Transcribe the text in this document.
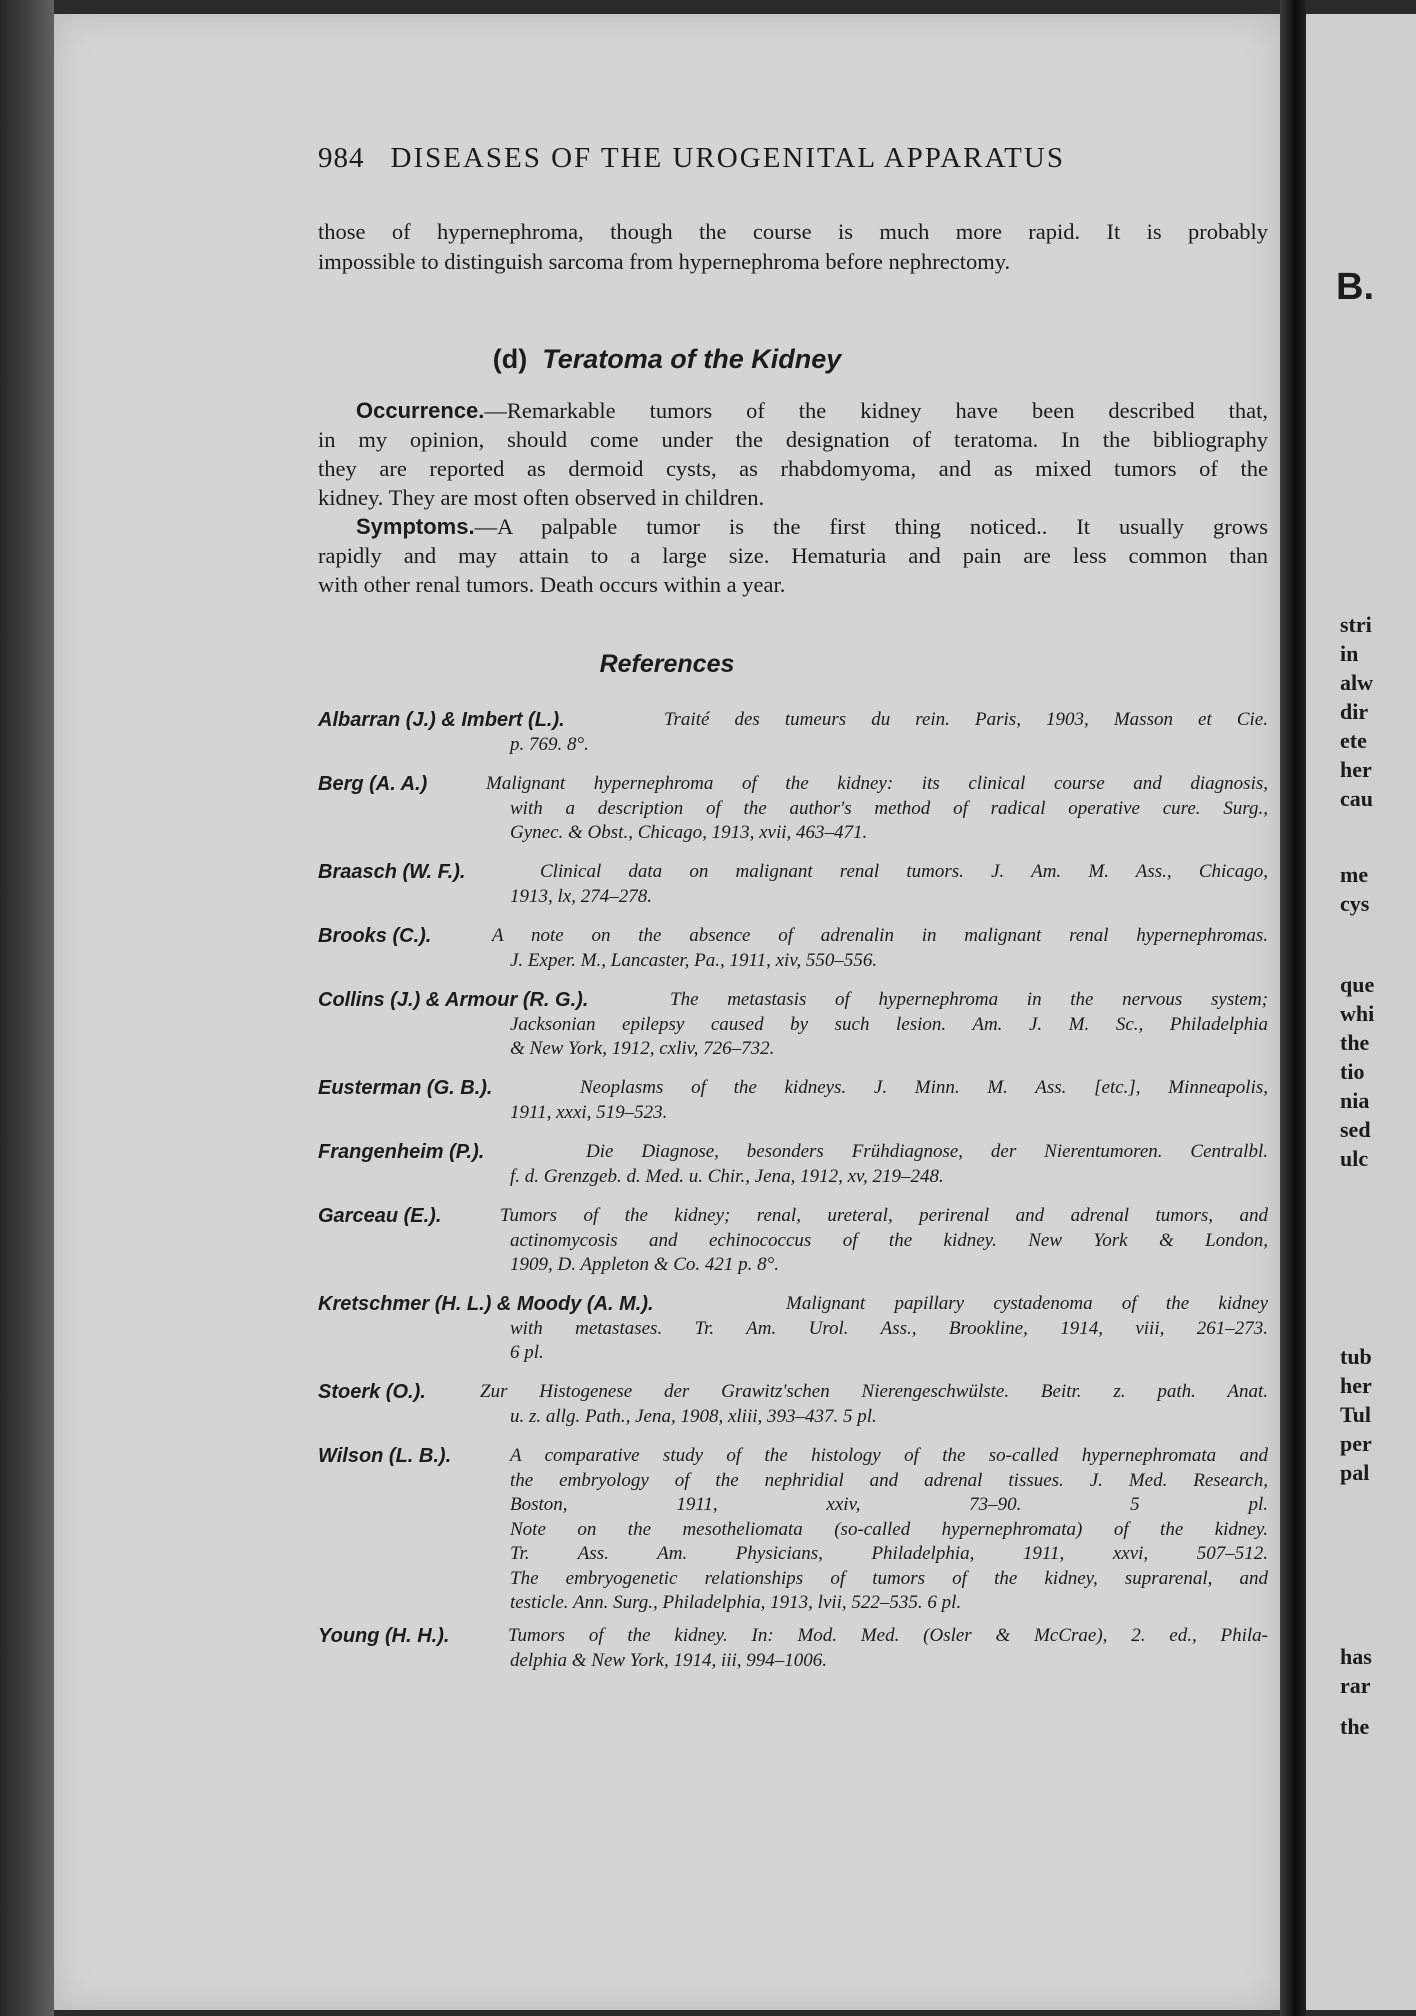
984 DISEASES OF THE UROGENITAL APPARATUS
those of hypernephroma, though the course is much more rapid. It is probably
impossible to distinguish sarcoma from hypernephroma before nephrectomy.
(d) Teratoma of the Kidney
Occurrence. —Remarkable tumors of the kidney have been described that,
in my opinion, should come under the designation of teratoma. In the bibliography
they are reported as dermoid cysts, as rhabdomyoma, and as mixed tumors of the
kidney. They are most often observed in children.
Symptoms. —A palpable tumor is the first thing noticed.. It usually grows
rapidly and may attain to a large size. Hematuria and pain are less common than
with other renal tumors. Death occurs within a year.
References
Albarran (J.) & Imbert (L.).	Traité des tumeurs du rein. Paris, 1903, Masson et Cie.
p. 769. 8°.
Berg (A. A.)	Malignant hypernephroma of the kidney: its clinical course and diagnosis,
with a description of the author's method of radical operative cure. Surg.,
Gynec. & Obst., Chicago, 1913, xvii, 463–471.
Braasch (W. F.).	Clinical data on malignant renal tumors. J. Am. M. Ass., Chicago,
1913, lx, 274–278.
Brooks (C.).	A note on the absence of adrenalin in malignant renal hypernephromas.
J. Exper. M., Lancaster, Pa., 1911, xiv, 550–556.
Collins (J.) & Armour (R. G.).	The metastasis of hypernephroma in the nervous system;
Jacksonian epilepsy caused by such lesion. Am. J. M. Sc., Philadelphia
& New York, 1912, cxliv, 726–732.
Eusterman (G. B.).	Neoplasms of the kidneys. J. Minn. M. Ass. [etc.], Minneapolis,
1911, xxxi, 519–523.
Frangenheim (P.).	Die Diagnose, besonders Frühdiagnose, der Nierentumoren. Centralbl.
f. d. Grenzgeb. d. Med. u. Chir., Jena, 1912, xv, 219–248.
Garceau (E.).	Tumors of the kidney; renal, ureteral, perirenal and adrenal tumors, and
actinomycosis and echinococcus of the kidney. New York & London,
1909, D. Appleton & Co. 421 p. 8°.
Kretschmer (H. L.) & Moody (A. M.).	Malignant papillary cystadenoma of the kidney
with metastases. Tr. Am. Urol. Ass., Brookline, 1914, viii, 261–273.
6 pl.
Stoerk (O.).	Zur Histogenese der Grawitz'schen Nierengeschwülste. Beitr. z. path. Anat.
u. z. allg. Path., Jena, 1908, xliii, 393–437. 5 pl.
Wilson (L. B.).	A comparative study of the histology of the so-called hypernephromata and
the embryology of the nephridial and adrenal tissues. J. Med. Research,
Boston, 1911, xxiv, 73–90. 5 pl.
Note on the mesotheliomata (so-called hypernephromata) of the kidney.
Tr. Ass. Am. Physicians, Philadelphia, 1911, xxvi, 507–512.
The embryogenetic relationships of tumors of the kidney, suprarenal, and
testicle. Ann. Surg., Philadelphia, 1913, lvii, 522–535. 6 pl.
Young (H. H.).	Tumors of the kidney. In: Mod. Med. (Osler & McCrae), 2. ed., Phila-
delphia & New York, 1914, iii, 994–1006.
B.
stri
in
alw
dir
ete
her
cau
me
cys
que
whi
the
tio
nia
sed
ulc
tub
her
Tul
per
pal
has
rar
the
